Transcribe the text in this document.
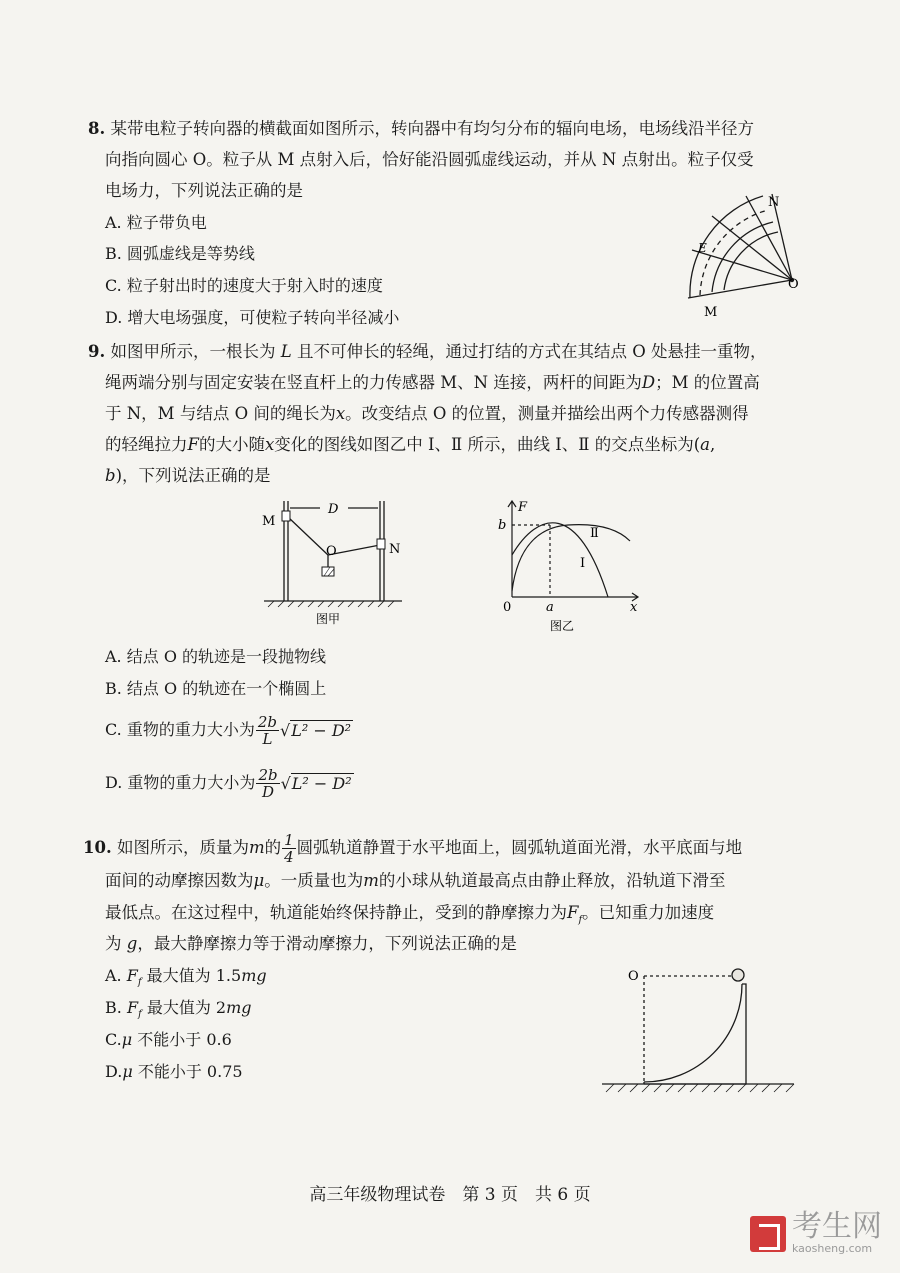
8. 某带电粒子转向器的横截面如图所示，转向器中有均匀分布的辐向电场，电场线沿半径方
向指向圆心 O。粒子从 M 点射入后，恰好能沿圆弧虚线运动，并从 N 点射出。粒子仅受
电场力，下列说法正确的是
A. 粒子带负电
B. 圆弧虚线是等势线
C. 粒子射出时的速度大于射入时的速度
D. 增大电场强度，可使粒子转向半径减小
N
E
O
M
9. 如图甲所示，一根长为 L 且不可伸长的轻绳，通过打结的方式在其结点 O 处悬挂一重物，
绳两端分别与固定安装在竖直杆上的力传感器 M、N 连接，两杆的间距为D；M 的位置高
于 N，M 与结点 O 间的绳长为x。改变结点 O 的位置，测量并描绘出两个力传感器测得
的轻绳拉力F的大小随x变化的图线如图乙中 Ⅰ、Ⅱ 所示，曲线 Ⅰ、Ⅱ 的交点坐标为(a,
b)，下列说法正确的是
D
M
N
O
图甲
F
b
0	a	x
Ⅱ
Ⅰ
图乙
A. 结点 O 的轨迹是一段抛物线
B. 结点 O 的轨迹在一个椭圆上
C. 重物的重力大小为 $\frac{2b}{L} √L^2 - D^2$
D. 重物的重力大小为 $\frac{2b}{D} √L^2 - D^2$
10. 如图所示，质量为m的 $\frac{1}{4}$ 圆弧轨道静置于水平地面上，圆弧轨道面光滑，水平底面与地
面间的动摩擦因数为μ。一质量也为m的小球从轨道最高点由静止释放，沿轨道下滑至
最低点。在这过程中，轨道能始终保持静止，受到的静摩擦力为$F_f$。已知重力加速度
为 g，最大静摩擦力等于滑动摩擦力，下列说法正确的是
A. $F_f$ 最大值为 1.5mg
B. $F_f$ 最大值为 2mg
C.μ 不能小于 0.6
D.μ 不能小于 0.75
O
高三年级物理试卷　第 3 页　共 6 页
考生网
kaosheng.com
